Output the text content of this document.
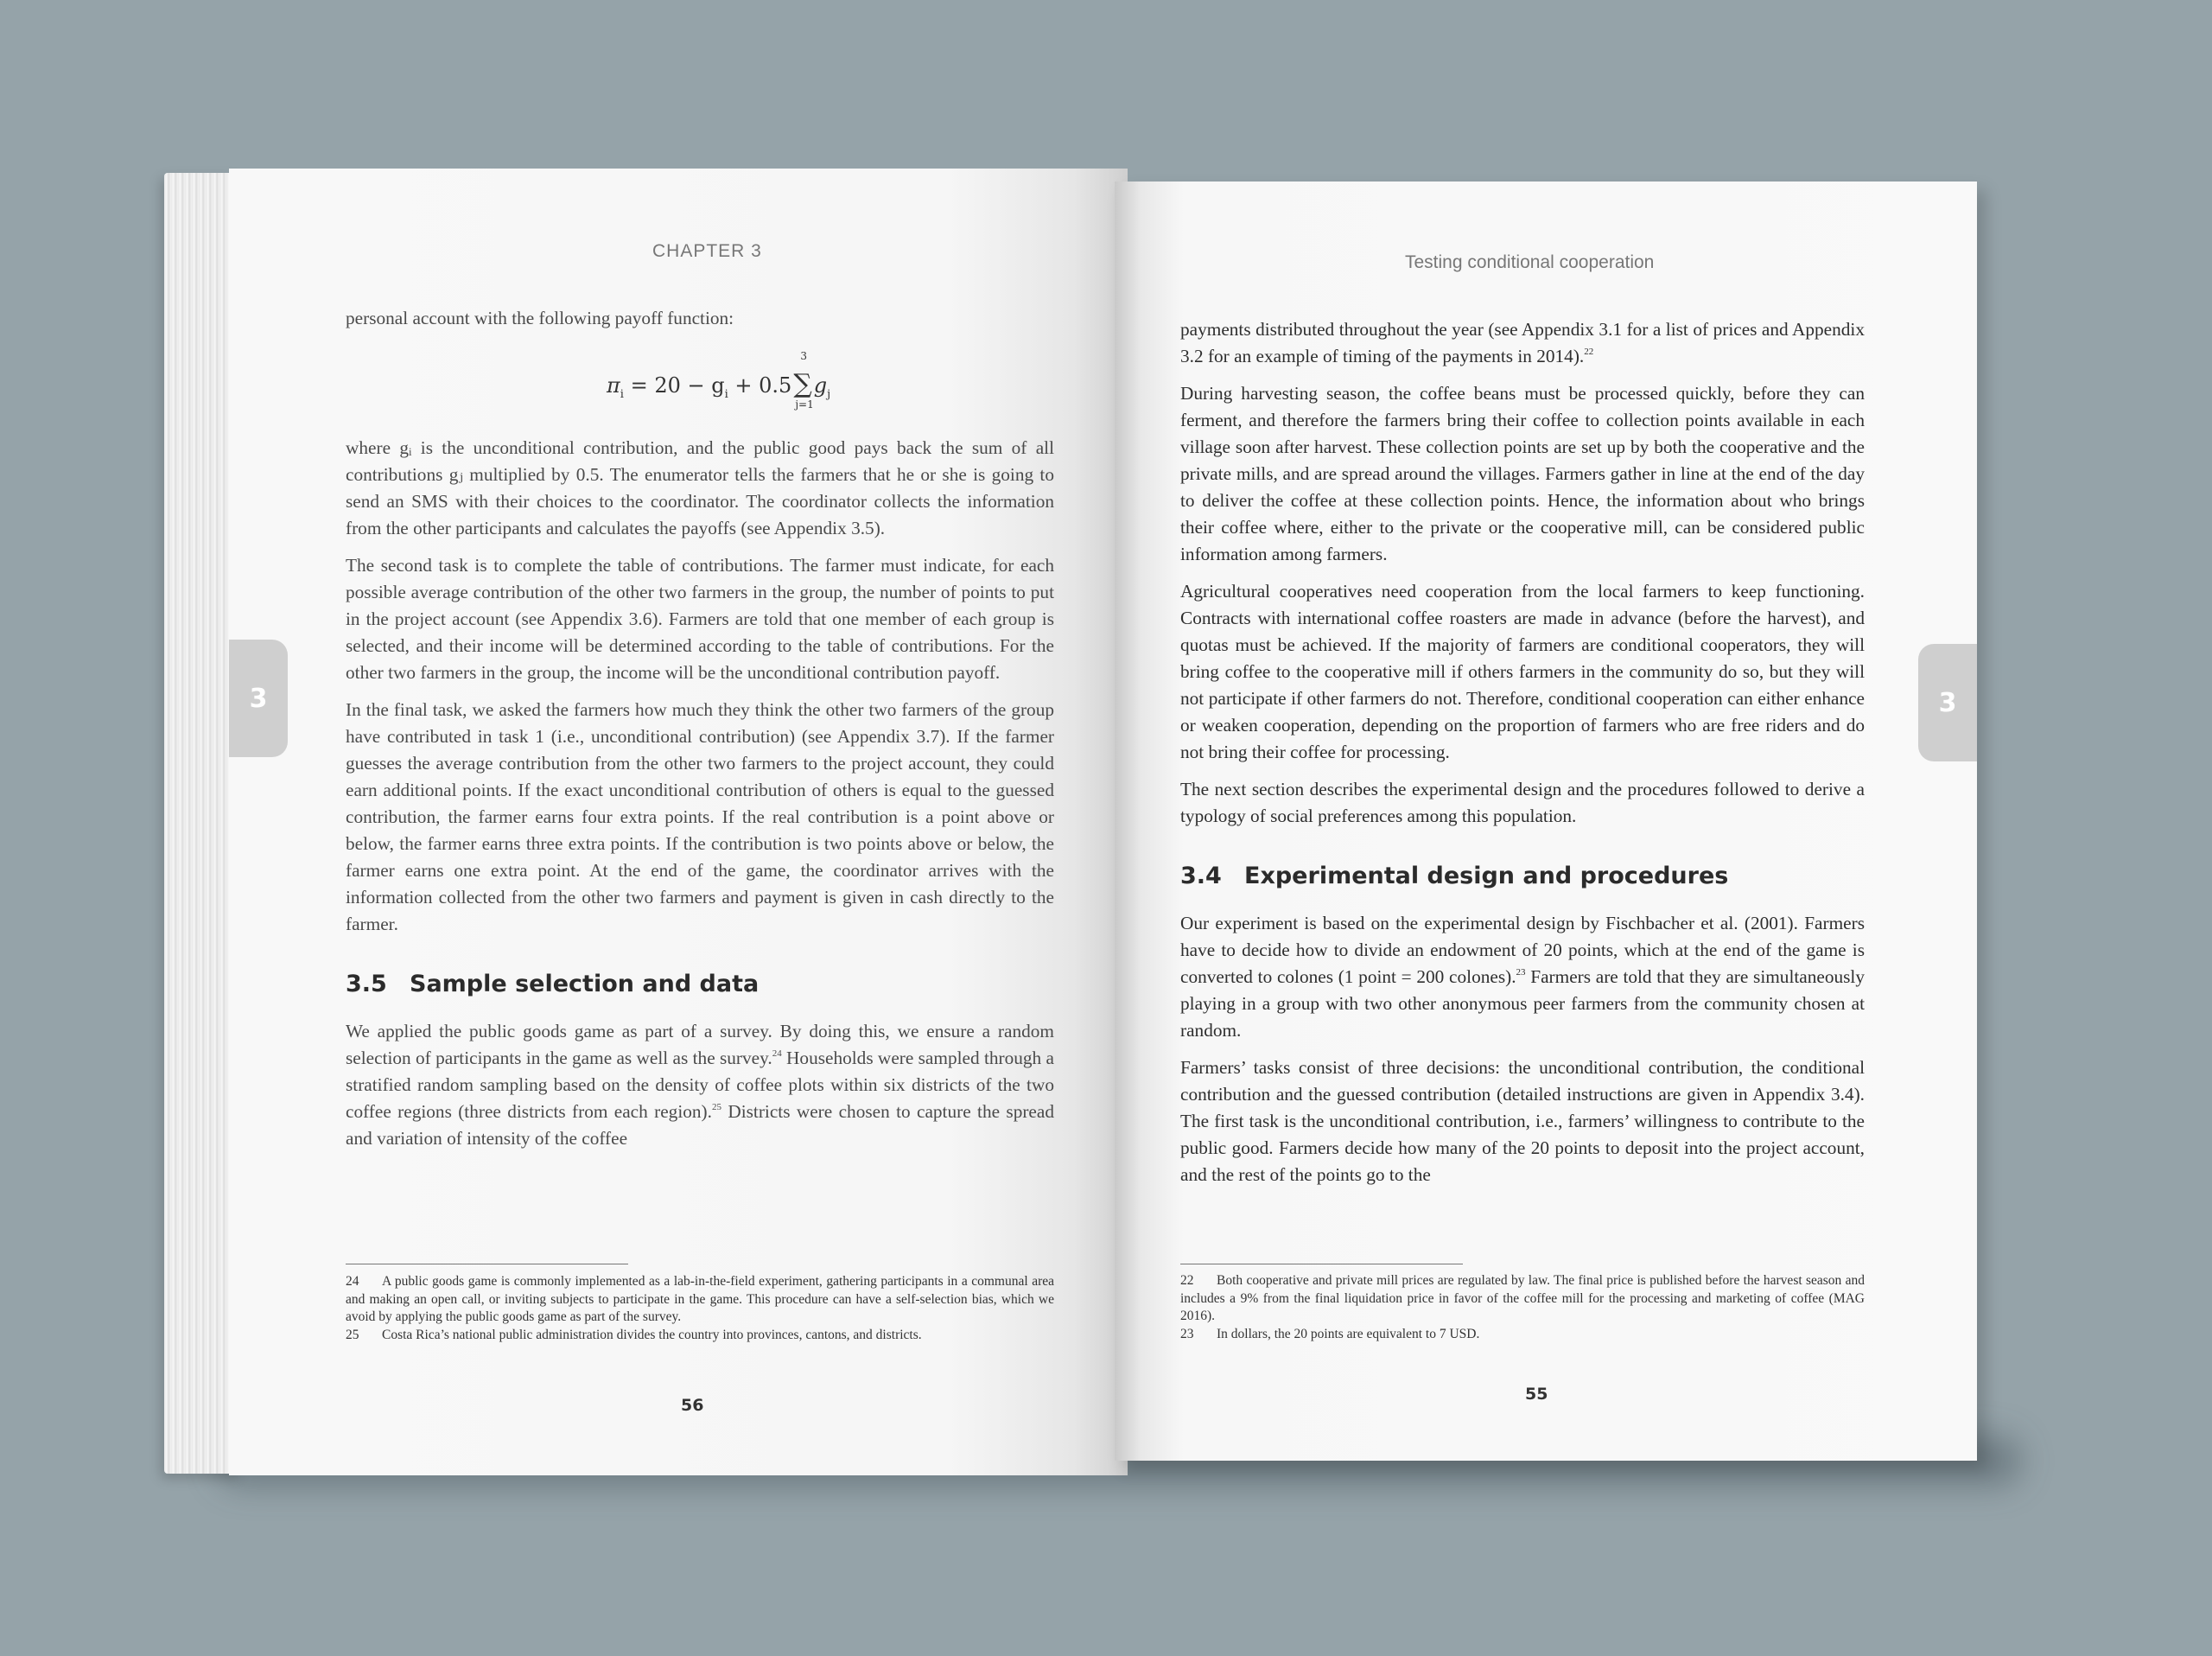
CHAPTER 3
3

personal account with the following payoff function:

$\pi_i = 20 - g_i + 0.5\sum$
3
j=1
$g_j$

where gᵢ is the unconditional contribution, and the public good pays back the sum of all contributions gⱼ multiplied by 0.5. The enumerator tells the farmers that he or she is going to send an SMS with their choices to the coordinator. The coordinator collects the information from the other participants and calculates the payoffs (see Appendix 3.5).

The second task is to complete the table of contributions. The farmer must indicate, for each possible average contribution of the other two farmers in the group, the number of points to put in the project account (see Appendix 3.6). Farmers are told that one member of each group is selected, and their income will be determined according to the table of contributions. For the other two farmers in the group, the income will be the unconditional contribution payoff.

In the final task, we asked the farmers how much they think the other two farmers of the group have contributed in task 1 (i.e., unconditional contribution) (see Appendix 3.7). If the farmer guesses the average contribution from the other two farmers to the project account, they could earn additional points. If the exact unconditional contribution of others is equal to the guessed contribution, the farmer earns four extra points. If the real contribution is a point above or below, the farmer earns three extra points. If the contribution is two points above or below, the farmer earns one extra point. At the end of the game, the coordinator arrives with the information collected from the other two farmers and payment is given in cash directly to the farmer.

3.5 Sample selection and data

We applied the public goods game as part of a survey. By doing this, we ensure a random selection of participants in the game as well as the survey.$^{24}$ Households were sampled through a stratified random sampling based on the density of coffee plots within six districts of the two coffee regions (three districts from each region).$^{25}$ Districts were chosen to capture the spread and variation of intensity of the coffee

24 A public goods game is commonly implemented as a lab-in-the-field experiment, gathering participants in a communal area and making an open call, or inviting subjects to participate in the game. This procedure can have a self-selection bias, which we avoid by applying the public goods game as part of the survey.

25 Costa Rica’s national public administration divides the country into provinces, cantons, and districts.

56
Testing conditional cooperation
3

payments distributed throughout the year (see Appendix 3.1 for a list of prices and Appendix 3.2 for an example of timing of the payments in 2014).$^{22}$

During harvesting season, the coffee beans must be processed quickly, before they can ferment, and therefore the farmers bring their coffee to collection points available in each village soon after harvest. These collection points are set up by both the cooperative and the private mills, and are spread around the villages. Farmers gather in line at the end of the day to deliver the coffee at these collection points. Hence, the information about who brings their coffee where, either to the private or the cooperative mill, can be considered public information among farmers.

Agricultural cooperatives need cooperation from the local farmers to keep functioning. Contracts with international coffee roasters are made in advance (before the harvest), and quotas must be achieved. If the majority of farmers are conditional cooperators, they will bring coffee to the cooperative mill if others farmers in the community do so, but they will not participate if other farmers do not. Therefore, conditional cooperation can either enhance or weaken cooperation, depending on the proportion of farmers who are free riders and do not bring their coffee for processing.

The next section describes the experimental design and the procedures followed to derive a typology of social preferences among this population.

3.4 Experimental design and procedures

Our experiment is based on the experimental design by Fischbacher et al. (2001). Farmers have to decide how to divide an endowment of 20 points, which at the end of the game is converted to colones (1 point = 200 colones).$^{23}$ Farmers are told that they are simultaneously playing in a group with two other anonymous peer farmers from the community chosen at random.

Farmers’ tasks consist of three decisions: the unconditional contribution, the conditional contribution and the guessed contribution (detailed instructions are given in Appendix 3.4). The first task is the unconditional contribution, i.e., farmers’ willingness to contribute to the public good. Farmers decide how many of the 20 points to deposit into the project account, and the rest of the points go to the

22 Both cooperative and private mill prices are regulated by law. The final price is published before the harvest season and includes a 9% from the final liquidation price in favor of the coffee mill for the processing and marketing of coffee (MAG 2016).

23 In dollars, the 20 points are equivalent to 7 USD.

55
